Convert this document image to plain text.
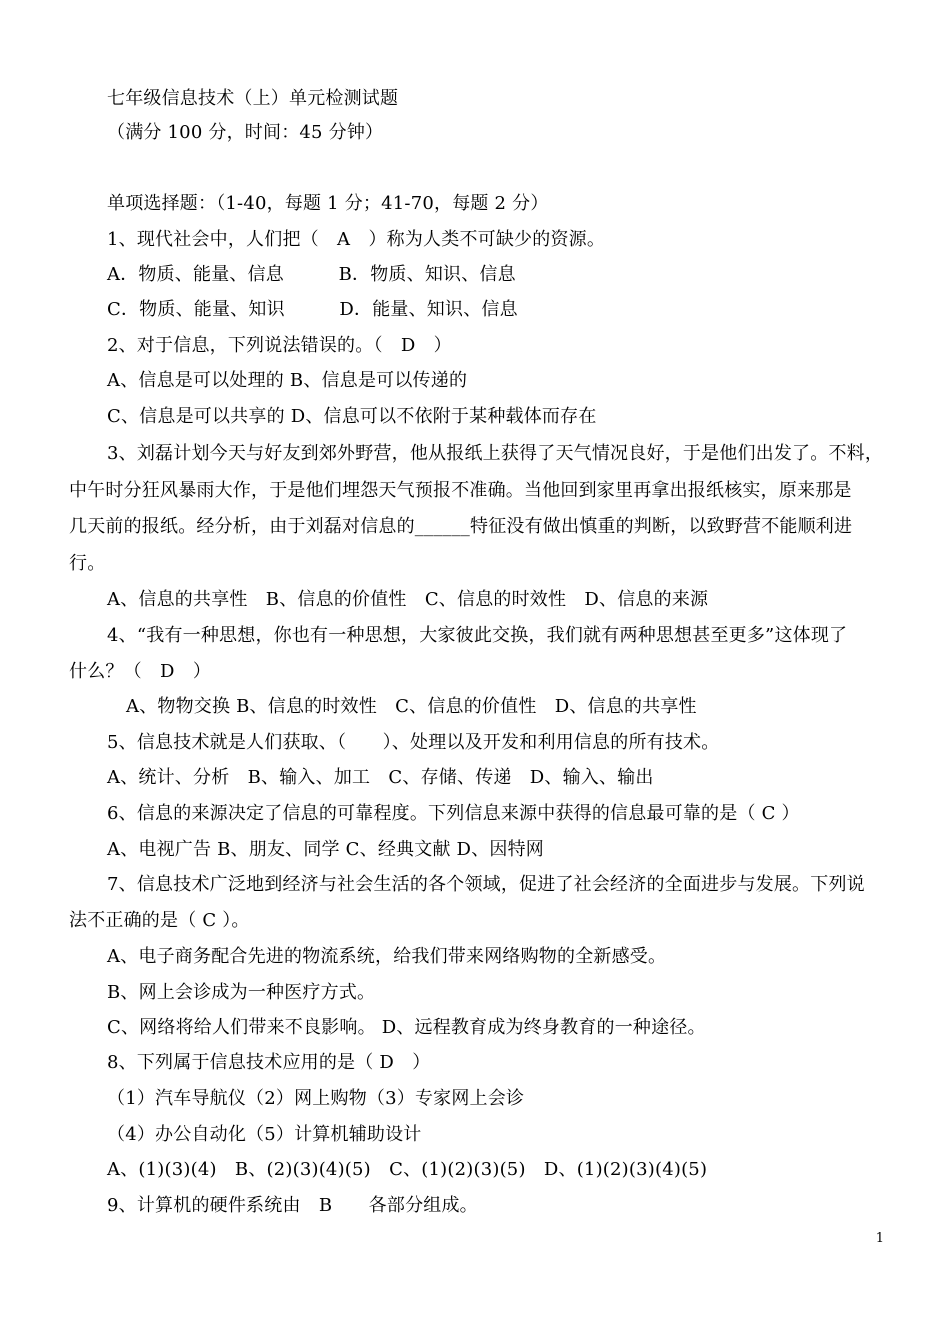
七年级信息技术（上）单元检测试题
（满分 100 分，时间：45 分钟）
单项选择题：（1-40，每题 1 分；41-70，每题 2 分）
1、现代社会中，人们把（　A　）称为人类不可缺少的资源。
A．物质、能量、信息　　　B．物质、知识、信息
C．物质、能量、知识　　　D．能量、知识、信息
2、对于信息，下列说法错误的。（　D　）
A、信息是可以处理的 B、信息是可以传递的
C、信息是可以共享的 D、信息可以不依附于某种载体而存在
3、刘磊计划今天与好友到郊外野营，他从报纸上获得了天气情况良好，于是他们出发了。不料，
中午时分狂风暴雨大作，于是他们埋怨天气预报不准确。当他回到家里再拿出报纸核实，原来那是
几天前的报纸。经分析，由于刘磊对信息的______特征没有做出慎重的判断，以致野营不能顺利进
行。
A、信息的共享性　B、信息的价值性　C、信息的时效性　D、信息的来源
4、“我有一种思想，你也有一种思想，大家彼此交换，我们就有两种思想甚至更多”这体现了
什么？（　D　）
A、物物交换 B、信息的时效性　C、信息的价值性　D、信息的共享性
5、信息技术就是人们获取、（　　）、处理以及开发和利用信息的所有技术。
A、统计、分析　B、输入、加工　C、存储、传递　D、输入、输出
6、信息的来源决定了信息的可靠程度。下列信息来源中获得的信息最可靠的是（ C ）
A、电视广告 B、朋友、同学 C、经典文献 D、因特网
7、信息技术广泛地到经济与社会生活的各个领域，促进了社会经济的全面进步与发展。下列说
法不正确的是（ C ）。
A、电子商务配合先进的物流系统，给我们带来网络购物的全新感受。
B、网上会诊成为一种医疗方式。
C、网络将给人们带来不良影响。 D、远程教育成为终身教育的一种途径。
8、下列属于信息技术应用的是（ D　）
（1）汽车导航仪（2）网上购物（3）专家网上会诊
（4）办公自动化（5）计算机辅助设计
A、(1)(3)(4)　B、(2)(3)(4)(5)　C、(1)(2)(3)(5)　D、(1)(2)(3)(4)(5)
9、计算机的硬件系统由　B　　各部分组成。
1
